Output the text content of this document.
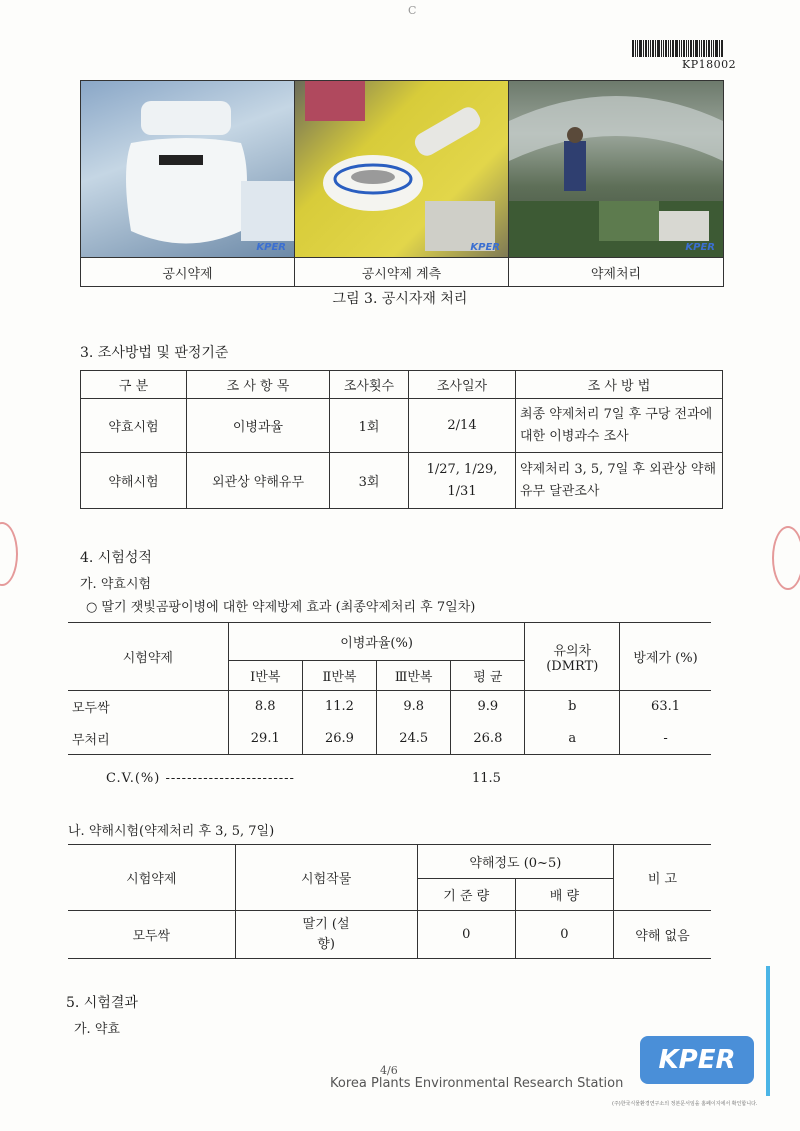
C
KP18002
KPER	KPER	KPER

공시약제	공시약제 계측	약제처리
그림 3. 공시자재 처리
3. 조사방법 및 판정기준
구 분	조 사 항 목	조사횟수	조사일자	조 사 방 법
약효시험	이병과율	1회	2/14	최종 약제처리 7일 후 구당 전과에 대한 이병과수 조사
약해시험	외관상 약해유무	3회	1/27, 1/29, 1/31	약제처리 3, 5, 7일 후 외관상 약해유무 달관조사
4. 시험성적
가. 약효시험
○ 딸기 잿빛곰팡이병에 대한 약제방제 효과 (최종약제처리 후 7일차)
시험약제	이병과율(%)				유의차 (DMRT)	방제가 (%)
	Ⅰ반복	Ⅱ반복	Ⅲ반복	평 균		
모두싹	8.8	11.2	9.8	9.9	b	63.1
무처리	29.1	26.9	24.5	26.8	a	-
C.V.(%) ------------------------	11.5
나. 약해시험(약제처리 후 3, 5, 7일)
시험약제	시험작물	약해정도 (0~5)		비 고
		기 준 량	배 량	
모두싹	딸기 (설향)	0	0	약해 없음
5. 시험결과
가. 약효
4/6
Korea Plants Environmental Research Station
KPER
(주)한국식물환경연구소의 정본문서임을 홈페이지에서 확인합니다.
